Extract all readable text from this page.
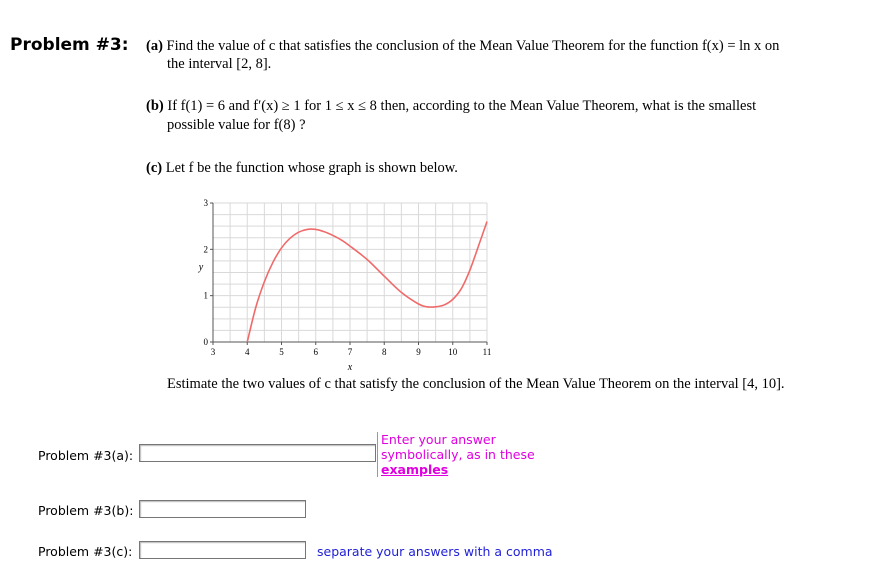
Problem #3: (a) Find the value of c that satisfies the conclusion of the Mean Value Theorem for the function f(x) = ln x on
the interval [2, 8].
(b) If f(1) = 6 and f′(x) ≥ 1 for 1 ≤ x ≤ 8 then, according to the Mean Value Theorem, what is the smallest
possible value for f(8) ?
(c) Let f be the function whose graph is shown below.
3	4	5	6	7	8	9	10	11
0
1
2
3
x
y
Estimate the two values of c that satisfy the conclusion of the Mean Value Theorem on the interval [4, 10].
Problem #3(a):
Enter your answer symbolically, as in these
examples
Problem #3(b):
Problem #3(c):	separate your answers with a comma
